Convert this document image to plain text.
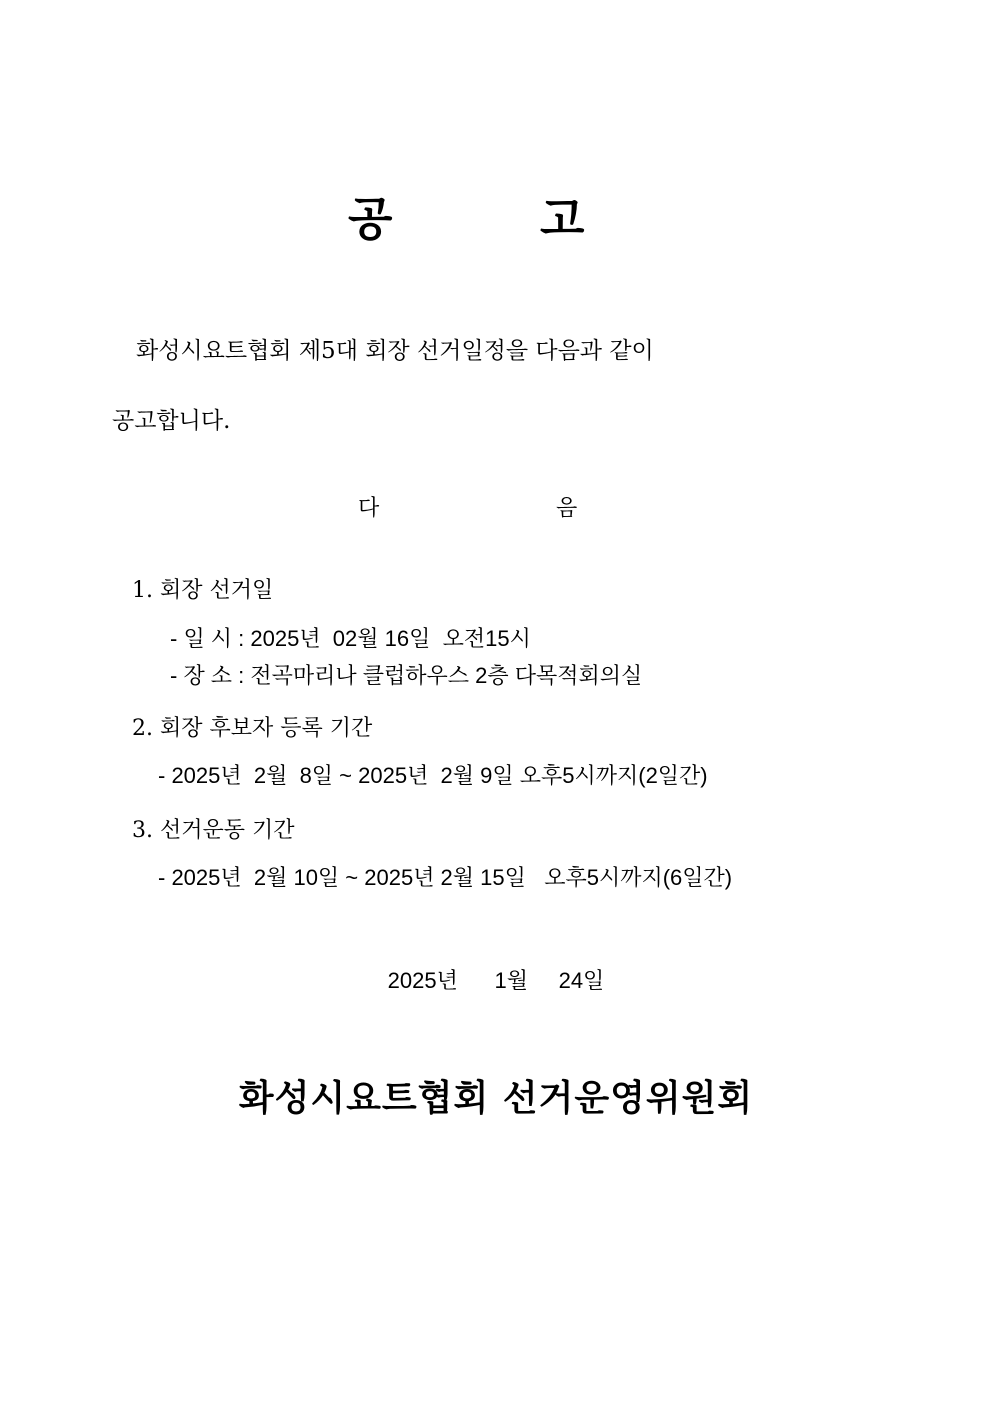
공	고
화성시요트협회 제5대 회장 선거일정을 다음과 같이
공고합니다.
다	음
1. 회장 선거일
- 일 시 : 2025년  02월 16일  오전15시
- 장 소 : 전곡마리나 클럽하우스 2층 다목적회의실
2. 회장 후보자 등록 기간
- 2025년  2월  8일 ~ 2025년  2월 9일 오후5시까지(2일간)
3. 선거운동 기간
- 2025년  2월 10일 ~ 2025년 2월 15일   오후5시까지(6일간)
2025년      1월     24일
화성시요트협회 선거운영위원회
